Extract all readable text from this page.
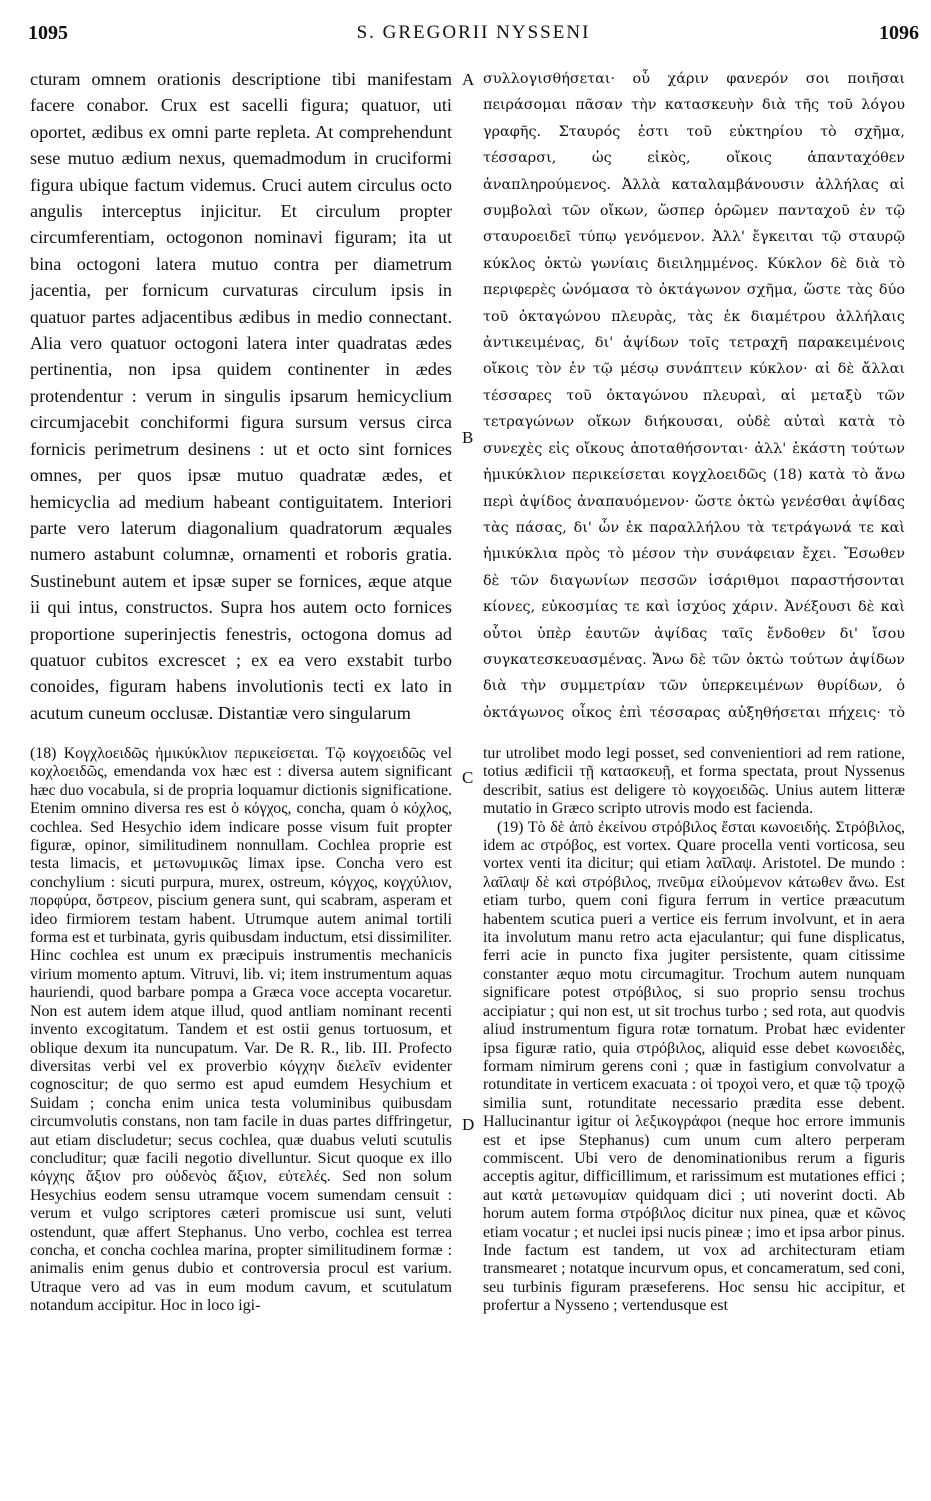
1095	S. GREGORII NYSSENI	1096

cturam omnem orationis descriptione tibi manifestam facere conabor. Crux est sacelli figura; quatuor, uti oportet, ædibus ex omni parte repleta. At comprehendunt sese mutuo ædium nexus, quemadmodum in cruciformi figura ubique factum videmus. Cruci autem circulus octo angulis interceptus injicitur. Et circulum propter circumferentiam, octogonon nominavi figuram; ita ut bina octogoni latera mutuo contra per diametrum jacentia, per fornicum curvaturas circulum ipsis in quatuor partes adjacentibus ædibus in medio connectant. Alia vero quatuor octogoni latera inter quadratas ædes pertinentia, non ipsa quidem continenter in ædes protendentur : verum in singulis ipsarum hemicyclium circumjacebit conchiformi figura sursum versus circa fornicis perimetrum desinens : ut et octo sint fornices omnes, per quos ipsæ mutuo quadratæ ædes, et hemicyclia ad medium habeant contiguitatem. Interiori parte vero laterum diagonalium quadratorum æquales numero astabunt columnæ, ornamenti et roboris gratia. Sustinebunt autem et ipsæ super se fornices, æque atque ii qui intus, constructos. Supra hos autem octo fornices proportione superinjectis fenestris, octogona domus ad quatuor cubitos excrescet ; ex ea vero exstabit turbo conoides, figuram habens involutionis tecti ex lato in acutum cuneum occlusæ. Distantiæ vero singularum

A
B

συλλογισθήσεται· οὗ χάριν φανερόν σοι ποιῆσαι πειράσομαι πᾶσαν τὴν κατασκευὴν διὰ τῆς τοῦ λόγου γραφῆς. Σταυρός ἐστι τοῦ εὐκτηρίου τὸ σχῆμα, τέσσαρσι, ὡς εἰκὸς, οἴκοις ἁπανταχόθεν ἀναπληρούμενος. Ἀλλὰ καταλαμβάνουσιν ἀλλήλας αἱ συμβολαὶ τῶν οἴκων, ὥσπερ ὁρῶμεν πανταχοῦ ἐν τῷ σταυροειδεῖ τύπῳ γενόμενον. Ἀλλ' ἔγκειται τῷ σταυρῷ κύκλος ὀκτὼ γωνίαις διειλημμένος. Κύκλον δὲ διὰ τὸ περιφερὲς ὠνόμασα τὸ ὀκτάγωνον σχῆμα, ὥστε τὰς δύο τοῦ ὀκταγώνου πλευρὰς, τὰς ἐκ διαμέτρου ἀλλήλαις ἀντικειμένας, δι' ἀψίδων τοῖς τετραχῆ παρακειμένοις οἴκοις τὸν ἐν τῷ μέσῳ συνάπτειν κύκλον· αἱ δὲ ἄλλαι τέσσαρες τοῦ ὀκταγώνου πλευραὶ, αἱ μεταξὺ τῶν τετραγώνων οἴκων διήκουσαι, οὐδὲ αὐταὶ κατὰ τὸ συνεχὲς εἰς οἴκους ἀποταθήσονται· ἀλλ' ἑκάστη τούτων ἡμικύκλιον περικείσεται κογχλοειδῶς (18) κατὰ τὸ ἄνω περὶ ἀψίδος ἀναπαυόμενον· ὥστε ὀκτὼ γενέσθαι ἀψίδας τὰς πάσας, δι' ὧν ἐκ παραλλήλου τὰ τετράγωνά τε καὶ ἡμικύκλια πρὸς τὸ μέσον τὴν συνάφειαν ἔχει. Ἔσωθεν δὲ τῶν διαγωνίων πεσσῶν ἰσάριθμοι παραστήσονται κίονες, εὐκοσμίας τε καὶ ἰσχύος χάριν. Ἀνέξουσι δὲ καὶ οὗτοι ὑπὲρ ἑαυτῶν ἀψίδας ταῖς ἔνδοθεν δι' ἴσου συγκατεσκευασμένας. Ἄνω δὲ τῶν ὀκτὼ τούτων ἀψίδων διὰ τὴν συμμετρίαν τῶν ὑπερκειμένων θυρίδων, ὁ ὀκτάγωνος οἶκος ἐπὶ τέσσαρας αὐξηθήσεται πήχεις· τὸ

(18) Κογχλοειδῶς ἡμικύκλιον περικείσεται. Τῷ κογχοειδῶς vel κοχλοειδῶς, emendanda vox hæc est : diversa autem significant hæc duo vocabula, si de propria loquamur dictionis significatione. Etenim omnino diversa res est ὁ κόγχος, concha, quam ὁ κόχλος, cochlea. Sed Hesychio idem indicare posse visum fuit propter figuræ, opinor, similitudinem nonnullam. Cochlea proprie est testa limacis, et μετωνυμικῶς limax ipse. Concha vero est conchylium : sicuti purpura, murex, ostreum, κόγχος, κογχύλιον, πορφύρα, ὄστρεον, piscium genera sunt, qui scabram, asperam et ideo firmiorem testam habent. Utrumque autem animal tortili forma est et turbinata, gyris quibusdam inductum, etsi dissimiliter. Hinc cochlea est unum ex præcipuis instrumentis mechanicis virium momento aptum. Vitruvi, lib. vi; item instrumentum aquas hauriendi, quod barbare pompa a Græca voce accepta vocaretur. Non est autem idem atque illud, quod antliam nominant recenti invento excogitatum. Tandem et est ostii genus tortuosum, et oblique dexum ita nuncupatum. Var. De R. R., lib. III. Profecto diversitas verbi vel ex proverbio κόγχην διελεῖν evidenter cognoscitur; de quo sermo est apud eumdem Hesychium et Suidam ; concha enim unica testa voluminibus quibusdam circumvolutis constans, non tam facile in duas partes diffringetur, aut etiam discludetur; secus cochlea, quæ duabus veluti scutulis concluditur; quæ facili negotio divelluntur. Sicut quoque ex illo κόγχης ἄξιον pro οὐδενὸς ἄξιον, εὐτελές. Sed non solum Hesychius eodem sensu utramque vocem sumendam censuit : verum et vulgo scriptores cæteri promiscue usi sunt, veluti ostendunt, quæ affert Stephanus. Uno verbo, cochlea est terrea concha, et concha cochlea marina, propter similitudinem formæ : animalis enim genus dubio et controversia procul est varium. Utraque vero ad vas in eum modum cavum, et scutulatum notandum accipitur. Hoc in loco igi-

C
D

tur utrolibet modo legi posset, sed convenientiori ad rem ratione, totius ædificii τῇ κατασκευῇ, et forma spectata, prout Nyssenus describit, satius est deligere τὸ κογχοειδῶς. Unius autem litteræ mutatio in Græco scripto utrovis modo est facienda.

(19) Τὸ δὲ ἀπὸ ἐκείνου στρόβιλος ἔσται κωνοειδής. Στρόβιλος, idem ac στρόβος, est vortex. Quare procella venti vorticosa, seu vortex venti ita dicitur; qui etiam λαῖλαψ. Aristotel. De mundo : λαῖλαψ δὲ καὶ στρόβιλος, πνεῦμα εἰλούμενον κάτωθεν ἄνω. Est etiam turbo, quem coni figura ferrum in vertice præacutum habentem scutica pueri a vertice eis ferrum involvunt, et in aera ita involutum manu retro acta ejaculantur; qui fune displicatus, ferri acie in puncto fixa jugiter persistente, quam citissime constanter æquo motu circumagitur. Trochum autem nunquam significare potest στρόβιλος, si suo proprio sensu trochus accipiatur ; qui non est, ut sit trochus turbo ; sed rota, aut quodvis aliud instrumentum figura rotæ tornatum. Probat hæc evidenter ipsa figuræ ratio, quia στρόβιλος, aliquid esse debet κωνοειδὲς, formam nimirum gerens coni ; quæ in fastigium convolvatur a rotunditate in verticem exacuata : οἱ τροχοὶ vero, et quæ τῷ τροχῷ similia sunt, rotunditate necessario prædita esse debent. Hallucinantur igitur οἱ λεξικογράφοι (neque hoc errore immunis est et ipse Stephanus) cum unum cum altero perperam commiscent. Ubi vero de denominationibus rerum a figuris acceptis agitur, difficillimum, et rarissimum est mutationes effici ; aut κατὰ μετωνυμίαν quidquam dici ; uti noverint docti. Ab horum autem forma στρόβιλος dicitur nux pinea, quæ et κῶνος etiam vocatur ; et nuclei ipsi nucis pineæ ; imo et ipsa arbor pinus. Inde factum est tandem, ut vox ad architecturam etiam transmearet ; notatque incurvum opus, et concameratum, sed coni, seu turbinis figuram præseferens. Hoc sensu hic accipitur, et profertur a Nysseno ; vertendusque est
